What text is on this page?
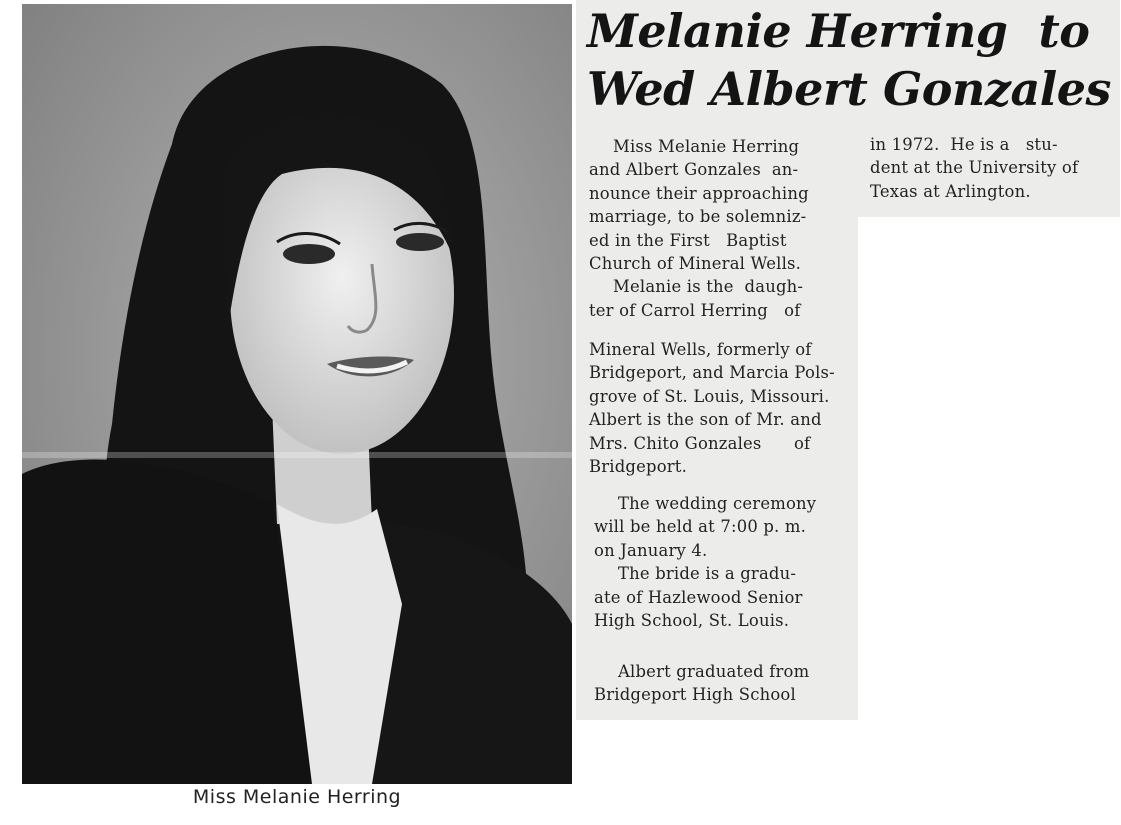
Miss Melanie Herring
Melanie Herring  to
Wed Albert Gonzales
Miss Melanie Herring
and Albert Gonzales  an-
nounce their approaching
marriage, to be solemniz-
ed in the First   Baptist
Church of Mineral Wells.
Melanie is the  daugh-
ter of Carrol Herring   of
Mineral Wells, formerly of
Bridgeport, and Marcia Pols-
grove of St. Louis, Missouri.
Albert is the son of Mr. and
Mrs. Chito Gonzales      of
Bridgeport.
The wedding ceremony
will be held at 7:00 p. m.
on January 4.
The bride is a gradu-
ate of Hazlewood Senior
High School, St. Louis.
Albert graduated from
Bridgeport High School
in 1972.  He is a   stu-
dent at the University of
Texas at Arlington.
